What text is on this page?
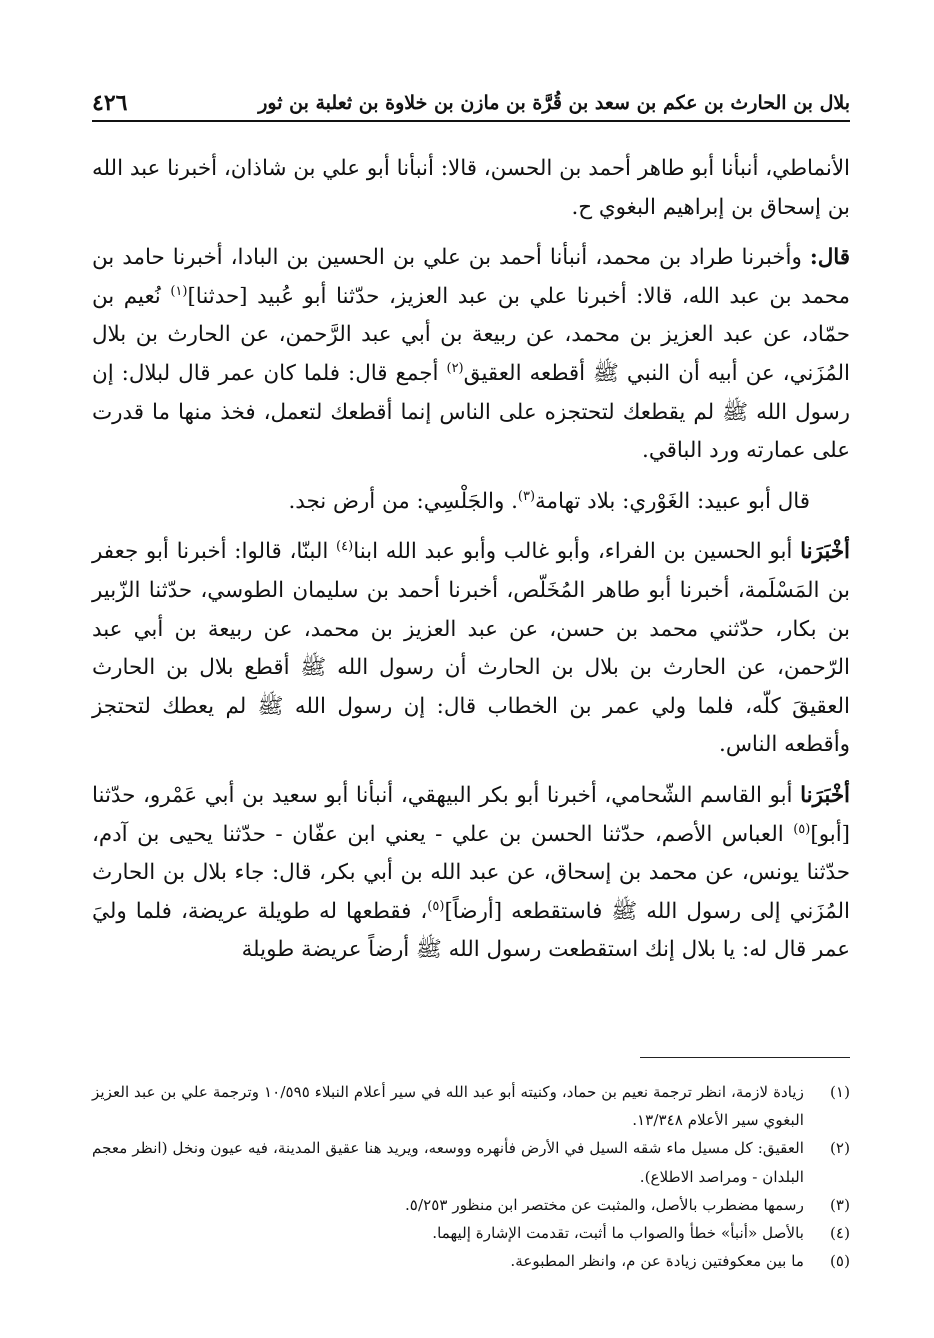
بلال بن الحارث بن عكم بن سعد بن قُرَّة بن مازن بن خلاوة بن ثعلبة بن ثور
٤٢٦

الأنماطي، أنبأنا أبو طاهر أحمد بن الحسن، قالا: أنبأنا أبو علي بن شاذان، أخبرنا عبد الله بن إسحاق بن إبراهيم البغوي ح.

قال: وأخبرنا طراد بن محمد، أنبأنا أحمد بن علي بن الحسين بن البادا، أخبرنا حامد بن محمد بن عبد الله، قالا: أخبرنا علي بن عبد العزيز، حدّثنا أبو عُبيد [حدثنا]$^{(١)}$ نُعيم بن حمّاد، عن عبد العزيز بن محمد، عن ربيعة بن أبي عبد الرَّحمن، عن الحارث بن بلال المُزَني، عن أبيه أن النبي ﷺ أقطعه العقيق$^{(٢)}$ أجمع قال: فلما كان عمر قال لبلال: إن رسول الله ﷺ لم يقطعك لتحتجزه على الناس إنما أقطعك لتعمل، فخذ منها ما قدرت على عمارته ورد الباقي.

قال أبو عبيد: الغَوْري: بلاد تهامة$^{(٣)}$. والجَلْسِي: من أرض نجد.

أخْبَرَنا أبو الحسين بن الفراء، وأبو غالب وأبو عبد الله ابنا$^{(٤)}$ البنّا، قالوا: أخبرنا أبو جعفر بن المَسْلَمة، أخبرنا أبو طاهر المُخَلّص، أخبرنا أحمد بن سليمان الطوسي، حدّثنا الزّبير بن بكار، حدّثني محمد بن حسن، عن عبد العزيز بن محمد، عن ربيعة بن أبي عبد الرّحمن، عن الحارث بن بلال بن الحارث أن رسول الله ﷺ أقطع بلال بن الحارث العقيقَ كلّه، فلما ولي عمر بن الخطاب قال: إن رسول الله ﷺ لم يعطك لتحتجز وأقطعه الناس.

أخْبَرَنا أبو القاسم الشّحامي، أخبرنا أبو بكر البيهقي، أنبأنا أبو سعيد بن أبي عَمْرو، حدّثنا [أبو]$^{(٥)}$ العباس الأصم، حدّثنا الحسن بن علي - يعني ابن عفّان - حدّثنا يحيى بن آدم، حدّثنا يونس، عن محمد بن إسحاق، عن عبد الله بن أبي بكر، قال: جاء بلال بن الحارث المُزَني إلى رسول الله ﷺ فاستقطعه [أرضاً]$^{(٥)}$، فقطعها له طويلة عريضة، فلما وليَ عمر قال له: يا بلال إنك استقطعت رسول الله ﷺ أرضاً عريضة طويلة

(١)
زيادة لازمة، انظر ترجمة نعيم بن حماد، وكنيته أبو عبد الله في سير أعلام النبلاء ١٠/٥٩٥ وترجمة علي بن عبد العزيز البغوي سير الأعلام ١٣/٣٤٨.
(٢)
العقيق: كل مسيل ماء شقه السيل في الأرض فأنهره ووسعه، ويريد هنا عقيق المدينة، فيه عيون ونخل (انظر معجم البلدان - ومراصد الاطلاع).
(٣)
رسمها مضطرب بالأصل، والمثبت عن مختصر ابن منظور ٥/٢٥٣.
(٤)
بالأصل «أنبأ» خطأ والصواب ما أثبت، تقدمت الإشارة إليهما.
(٥)
ما بين معكوفتين زيادة عن م، وانظر المطبوعة.
